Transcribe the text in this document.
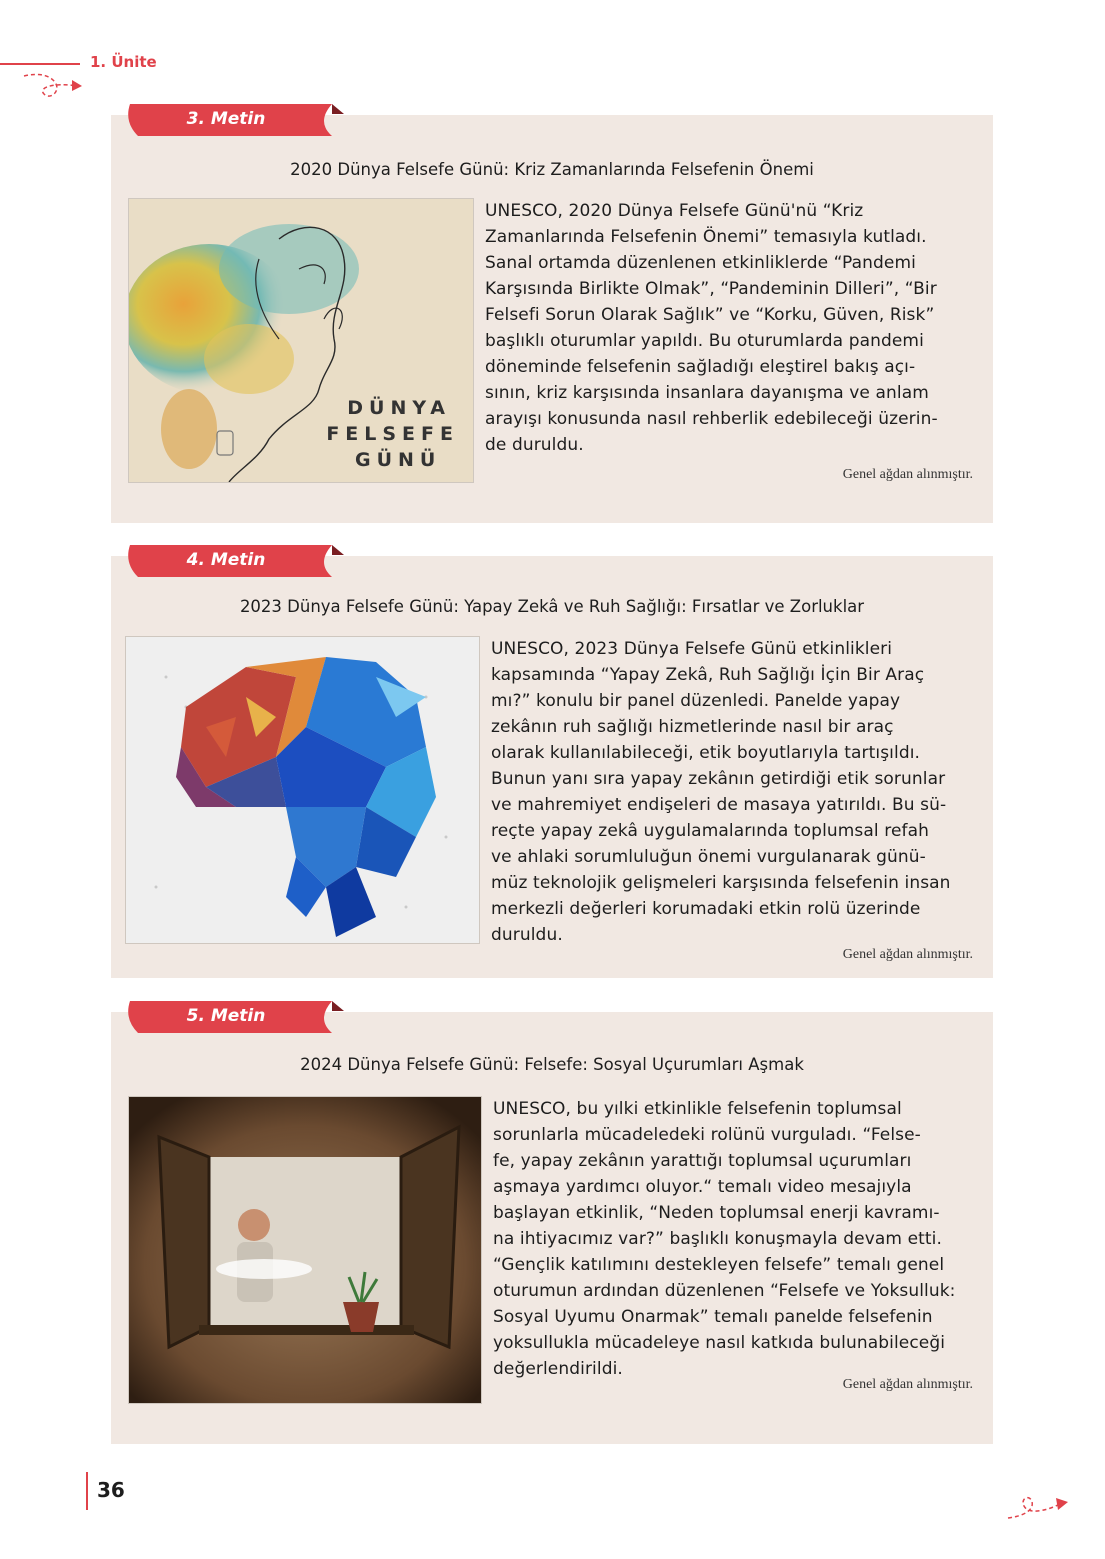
1. Ünite
2020 Dünya Felsefe Günü: Kriz Zamanlarında Felsefenin Önemi
DÜNYA
FELSEFE
GÜNÜ
UNESCO, 2020 Dünya Felsefe Günü'nü “Kriz
Zamanlarında Felsefenin Önemi” temasıyla kutladı.
Sanal ortamda düzenlenen etkinliklerde “Pandemi
Karşısında Birlikte Olmak”, “Pandeminin Dilleri”, “Bir
Felsefi Sorun Olarak Sağlık” ve “Korku, Güven, Risk”
başlıklı oturumlar yapıldı. Bu oturumlarda pandemi
döneminde felsefenin sağladığı eleştirel bakış açı-
sının, kriz karşısında insanlara dayanışma ve anlam
arayışı konusunda nasıl rehberlik edebileceği üzerin-
de duruldu.
Genel ağdan alınmıştır.
3. Metin
2023 Dünya Felsefe Günü: Yapay Zekâ ve Ruh Sağlığı: Fırsatlar ve Zorluklar
UNESCO, 2023 Dünya Felsefe Günü etkinlikleri
kapsamında “Yapay Zekâ, Ruh Sağlığı İçin Bir Araç
mı?” konulu bir panel düzenledi. Panelde yapay
zekânın ruh sağlığı hizmetlerinde nasıl bir araç
olarak kullanılabileceği, etik boyutlarıyla tartışıldı.
Bunun yanı sıra yapay zekânın getirdiği etik sorunlar
ve mahremiyet endişeleri de masaya yatırıldı. Bu sü-
reçte yapay zekâ uygulamalarında toplumsal refah
ve ahlaki sorumluluğun önemi vurgulanarak günü-
müz teknolojik gelişmeleri karşısında felsefenin insan
merkezli değerleri korumadaki etkin rolü üzerinde
duruldu.
Genel ağdan alınmıştır.
4. Metin
2024 Dünya Felsefe Günü: Felsefe: Sosyal Uçurumları Aşmak
UNESCO, bu yılki etkinlikle felsefenin toplumsal
sorunlarla mücadeledeki rolünü vurguladı. “Felse-
fe, yapay zekânın yarattığı toplumsal uçurumları
aşmaya yardımcı oluyor.“ temalı video mesajıyla
başlayan etkinlik, “Neden toplumsal enerji kavramı-
na ihtiyacımız var?” başlıklı konuşmayla devam etti.
“Gençlik katılımını destekleyen felsefe” temalı genel
oturumun ardından düzenlenen “Felsefe ve Yoksulluk:
Sosyal Uyumu Onarmak” temalı panelde felsefenin
yoksullukla mücadeleye nasıl katkıda bulunabileceği
değerlendirildi.
Genel ağdan alınmıştır.
5. Metin
36
